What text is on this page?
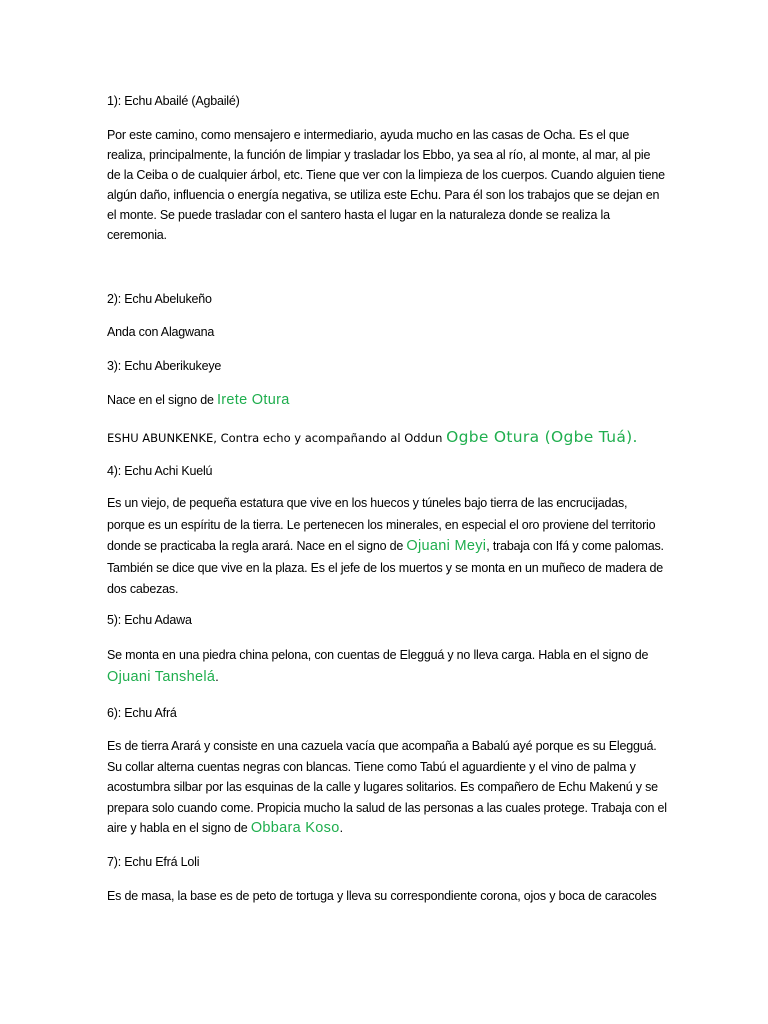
1): Echu Abailé (Agbailé)

Por este camino, como mensajero e intermediario, ayuda mucho en las casas de Ocha. Es el que realiza, principalmente, la función de limpiar y trasladar los Ebbo, ya sea al río, al monte, al mar, al pie de la Ceiba o de cualquier árbol, etc. Tiene que ver con la limpieza de los cuerpos. Cuando alguien tiene algún daño, influencia o energía negativa, se utiliza este Echu. Para él son los trabajos que se dejan en el monte. Se puede trasladar con el santero hasta el lugar en la naturaleza donde se realiza la ceremonia.

2): Echu Abelukeño

Anda con Alagwana

3): Echu Aberikukeye

Nace en el signo de Irete Otura

ESHU ABUNKENKE, Contra echo y acompañando al Oddun Ogbe Otura (Ogbe Tuá).

4): Echu Achi Kuelú

Es un viejo, de pequeña estatura que vive en los huecos y túneles bajo tierra de las encrucijadas, porque es un espíritu de la tierra. Le pertenecen los minerales, en especial el oro proviene del territorio donde se practicaba la regla arará. Nace en el signo de Ojuani Meyi, trabaja con Ifá y come palomas. También se dice que vive en la plaza. Es el jefe de los muertos y se monta en un muñeco de madera de dos cabezas.

5): Echu Adawa

Se monta en una piedra china pelona, con cuentas de Elegguá y no lleva carga. Habla en el signo de Ojuani Tanshelá.

6): Echu Afrá

Es de tierra Arará y consiste en una cazuela vacía que acompaña a Babalú ayé porque es su Elegguá. Su collar alterna cuentas negras con blancas. Tiene como Tabú el aguardiente y el vino de palma y acostumbra silbar por las esquinas de la calle y lugares solitarios. Es compañero de Echu Makenú y se prepara solo cuando come. Propicia mucho la salud de las personas a las cuales protege. Trabaja con el aire y habla en el signo de Obbara Koso.

7): Echu Efrá Loli

Es de masa, la base es de peto de tortuga y lleva su correspondiente corona, ojos y boca de caracoles
